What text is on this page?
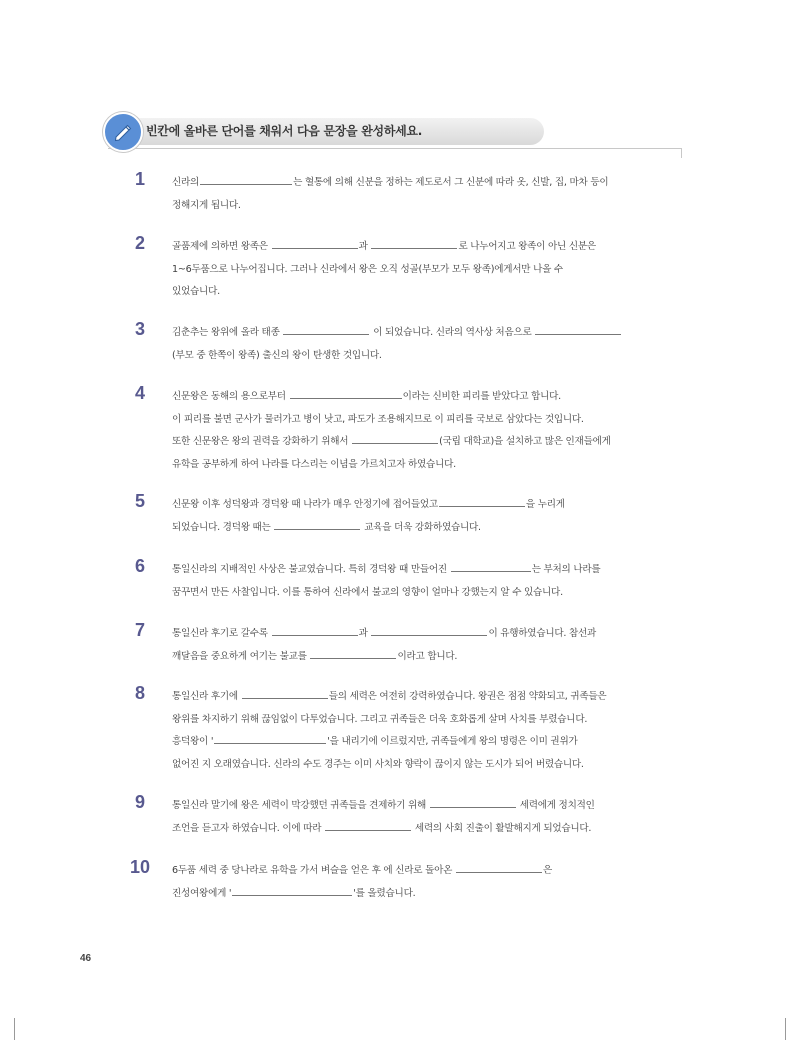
빈칸에 올바른 단어를 채워서 다음 문장을 완성하세요.
1	신라의	는 혈통에 의해 신분을 정하는 제도로서 그 신분에 따라 옷, 신발, 집, 마차 등이
정해지게 됩니다.
2	골품제에 의하면 왕족은	과	로 나누어지고 왕족이 아닌 신분은
1~6두품으로 나누어집니다. 그러나 신라에서 왕은 오직 성골(부모가 모두 왕족)에게서만 나올 수
있었습니다.
3	김춘추는 왕위에 올라 태종	이 되었습니다. 신라의 역사상 처음으로
(부모 중 한쪽이 왕족) 출신의 왕이 탄생한 것입니다.
4	신문왕은 동해의 용으로부터	이라는 신비한 피리를 받았다고 합니다.
이 피리를 불면 군사가 물러가고 병이 낫고, 파도가 조용해지므로 이 피리를 국보로 삼았다는 것입니다.
또한 신문왕은 왕의 권력을 강화하기 위해서	(국립 대학교)을 설치하고 많은 인재들에게
유학을 공부하게 하여 나라를 다스리는 이념을 가르치고자 하였습니다.
5	신문왕 이후 성덕왕과 경덕왕 때 나라가 매우 안정기에 접어들었고	을 누리게
되었습니다. 경덕왕 때는	교육을 더욱 강화하였습니다.
6	통일신라의 지배적인 사상은 불교였습니다. 특히 경덕왕 때 만들어진	는 부처의 나라를
꿈꾸면서 만든 사찰입니다. 이를 통하여 신라에서 불교의 영향이 얼마나 강했는지 알 수 있습니다.
7	통일신라 후기로 갈수록	과	이 유행하였습니다. 참선과
깨달음을 중요하게 여기는 불교를	이라고 합니다.
8	통일신라 후기에	들의 세력은 여전히 강력하였습니다. 왕권은 점점 약화되고, 귀족들은
왕위를 차지하기 위해 끊임없이 다투었습니다. 그리고 귀족들은 더욱 호화롭게 살며 사치를 부렸습니다.
흥덕왕이 '	'을 내리기에 이르렀지만, 귀족들에게 왕의 명령은 이미 권위가
없어진 지 오래였습니다. 신라의 수도 경주는 이미 사치와 향락이 끊이지 않는 도시가 되어 버렸습니다.
9	통일신라 말기에 왕은 세력이 막강했던 귀족들을 견제하기 위해	세력에게 정치적인
조언을 듣고자 하였습니다. 이에 따라	세력의 사회 진출이 활발해지게 되었습니다.
10	6두품 세력 중 당나라로 유학을 가서 벼슬을 얻은 후 에 신라로 돌아온	은
진성여왕에게 '	'를 올렸습니다.
46
